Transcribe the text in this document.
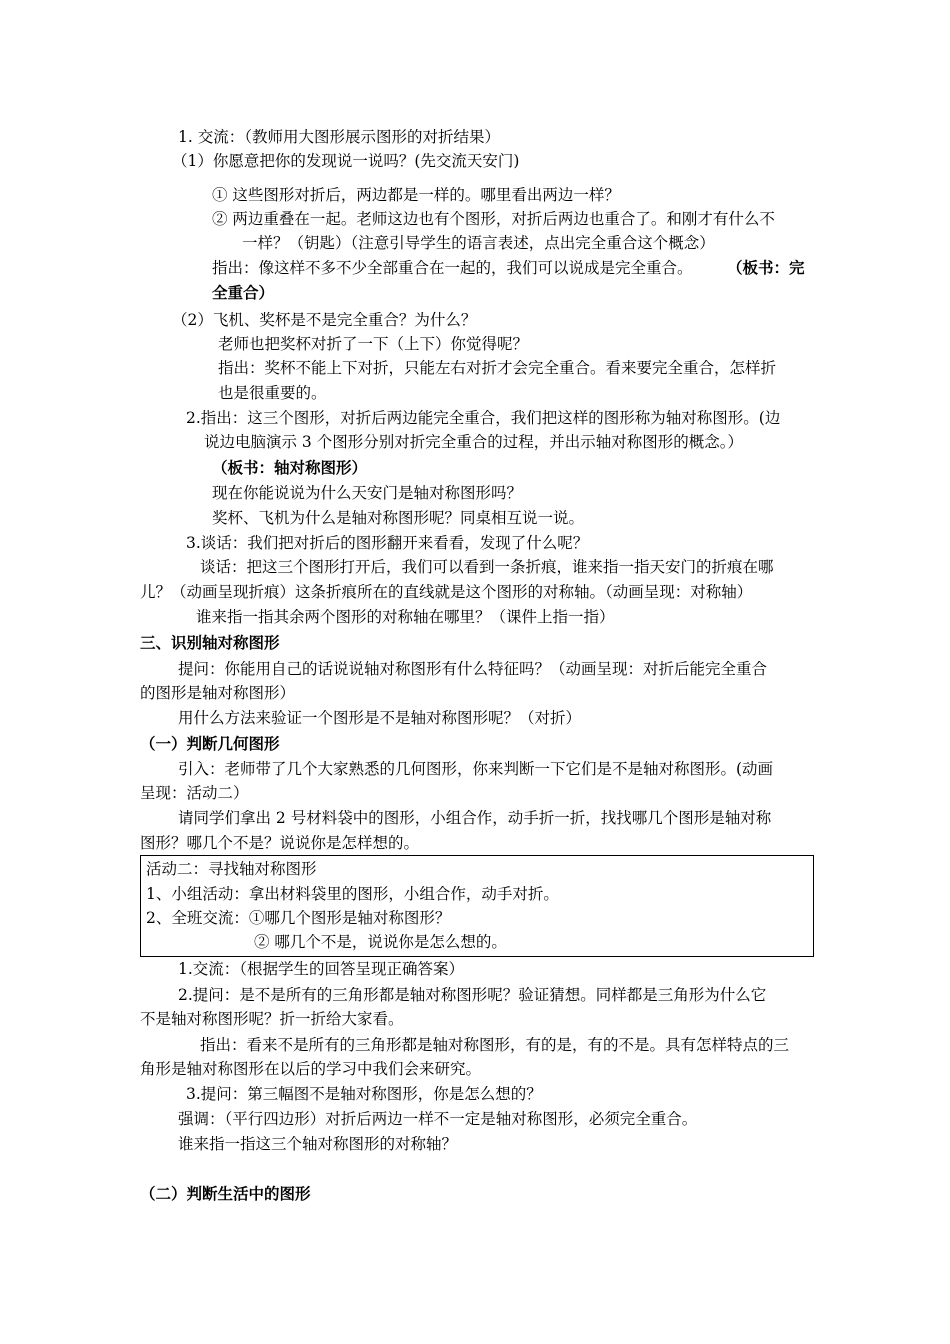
1. 交流：（教师用大图形展示图形的对折结果）
（1）你愿意把你的发现说一说吗？(先交流天安门)
① 这些图形对折后，两边都是一样的。哪里看出两边一样？
② 两边重叠在一起。老师这边也有个图形，对折后两边也重合了。和刚才有什么不
一样？（钥匙）（注意引导学生的语言表述，点出完全重合这个概念）
指出：像这样不多不少全部重合在一起的，我们可以说成是完全重合。 （板书：完
全重合）
（2）飞机、奖杯是不是完全重合？为什么？
老师也把奖杯对折了一下（上下）你觉得呢？
指出：奖杯不能上下对折，只能左右对折才会完全重合。看来要完全重合，怎样折
也是很重要的。
2.指出：这三个图形，对折后两边能完全重合，我们把这样的图形称为轴对称图形。(边
说边电脑演示 3 个图形分别对折完全重合的过程，并出示轴对称图形的概念。）
（板书：轴对称图形）
现在你能说说为什么天安门是轴对称图形吗？
奖杯、飞机为什么是轴对称图形呢？同桌相互说一说。
3.谈话：我们把对折后的图形翻开来看看，发现了什么呢？
谈话：把这三个图形打开后，我们可以看到一条折痕，谁来指一指天安门的折痕在哪
儿？（动画呈现折痕）这条折痕所在的直线就是这个图形的对称轴。（动画呈现：对称轴）
谁来指一指其余两个图形的对称轴在哪里？（课件上指一指）
三、识别轴对称图形
提问：你能用自己的话说说轴对称图形有什么特征吗？（动画呈现：对折后能完全重合
的图形是轴对称图形）
用什么方法来验证一个图形是不是轴对称图形呢？（对折）
（一）判断几何图形
引入：老师带了几个大家熟悉的几何图形，你来判断一下它们是不是轴对称图形。(动画
呈现：活动二）
请同学们拿出 2 号材料袋中的图形，小组合作，动手折一折，找找哪几个图形是轴对称
图形？哪几个不是？说说你是怎样想的。
活动二：寻找轴对称图形
1、小组活动：拿出材料袋里的图形，小组合作，动手对折。
2、全班交流：①哪几个图形是轴对称图形？
② 哪几个不是，说说你是怎么想的。
1.交流：（根据学生的回答呈现正确答案）
2.提问：是不是所有的三角形都是轴对称图形呢？验证猜想。同样都是三角形为什么它
不是轴对称图形呢？折一折给大家看。
指出：看来不是所有的三角形都是轴对称图形，有的是，有的不是。具有怎样特点的三
角形是轴对称图形在以后的学习中我们会来研究。
3.提问：第三幅图不是轴对称图形，你是怎么想的？
强调：（平行四边形）对折后两边一样不一定是轴对称图形，必须完全重合。
谁来指一指这三个轴对称图形的对称轴？
（二）判断生活中的图形
